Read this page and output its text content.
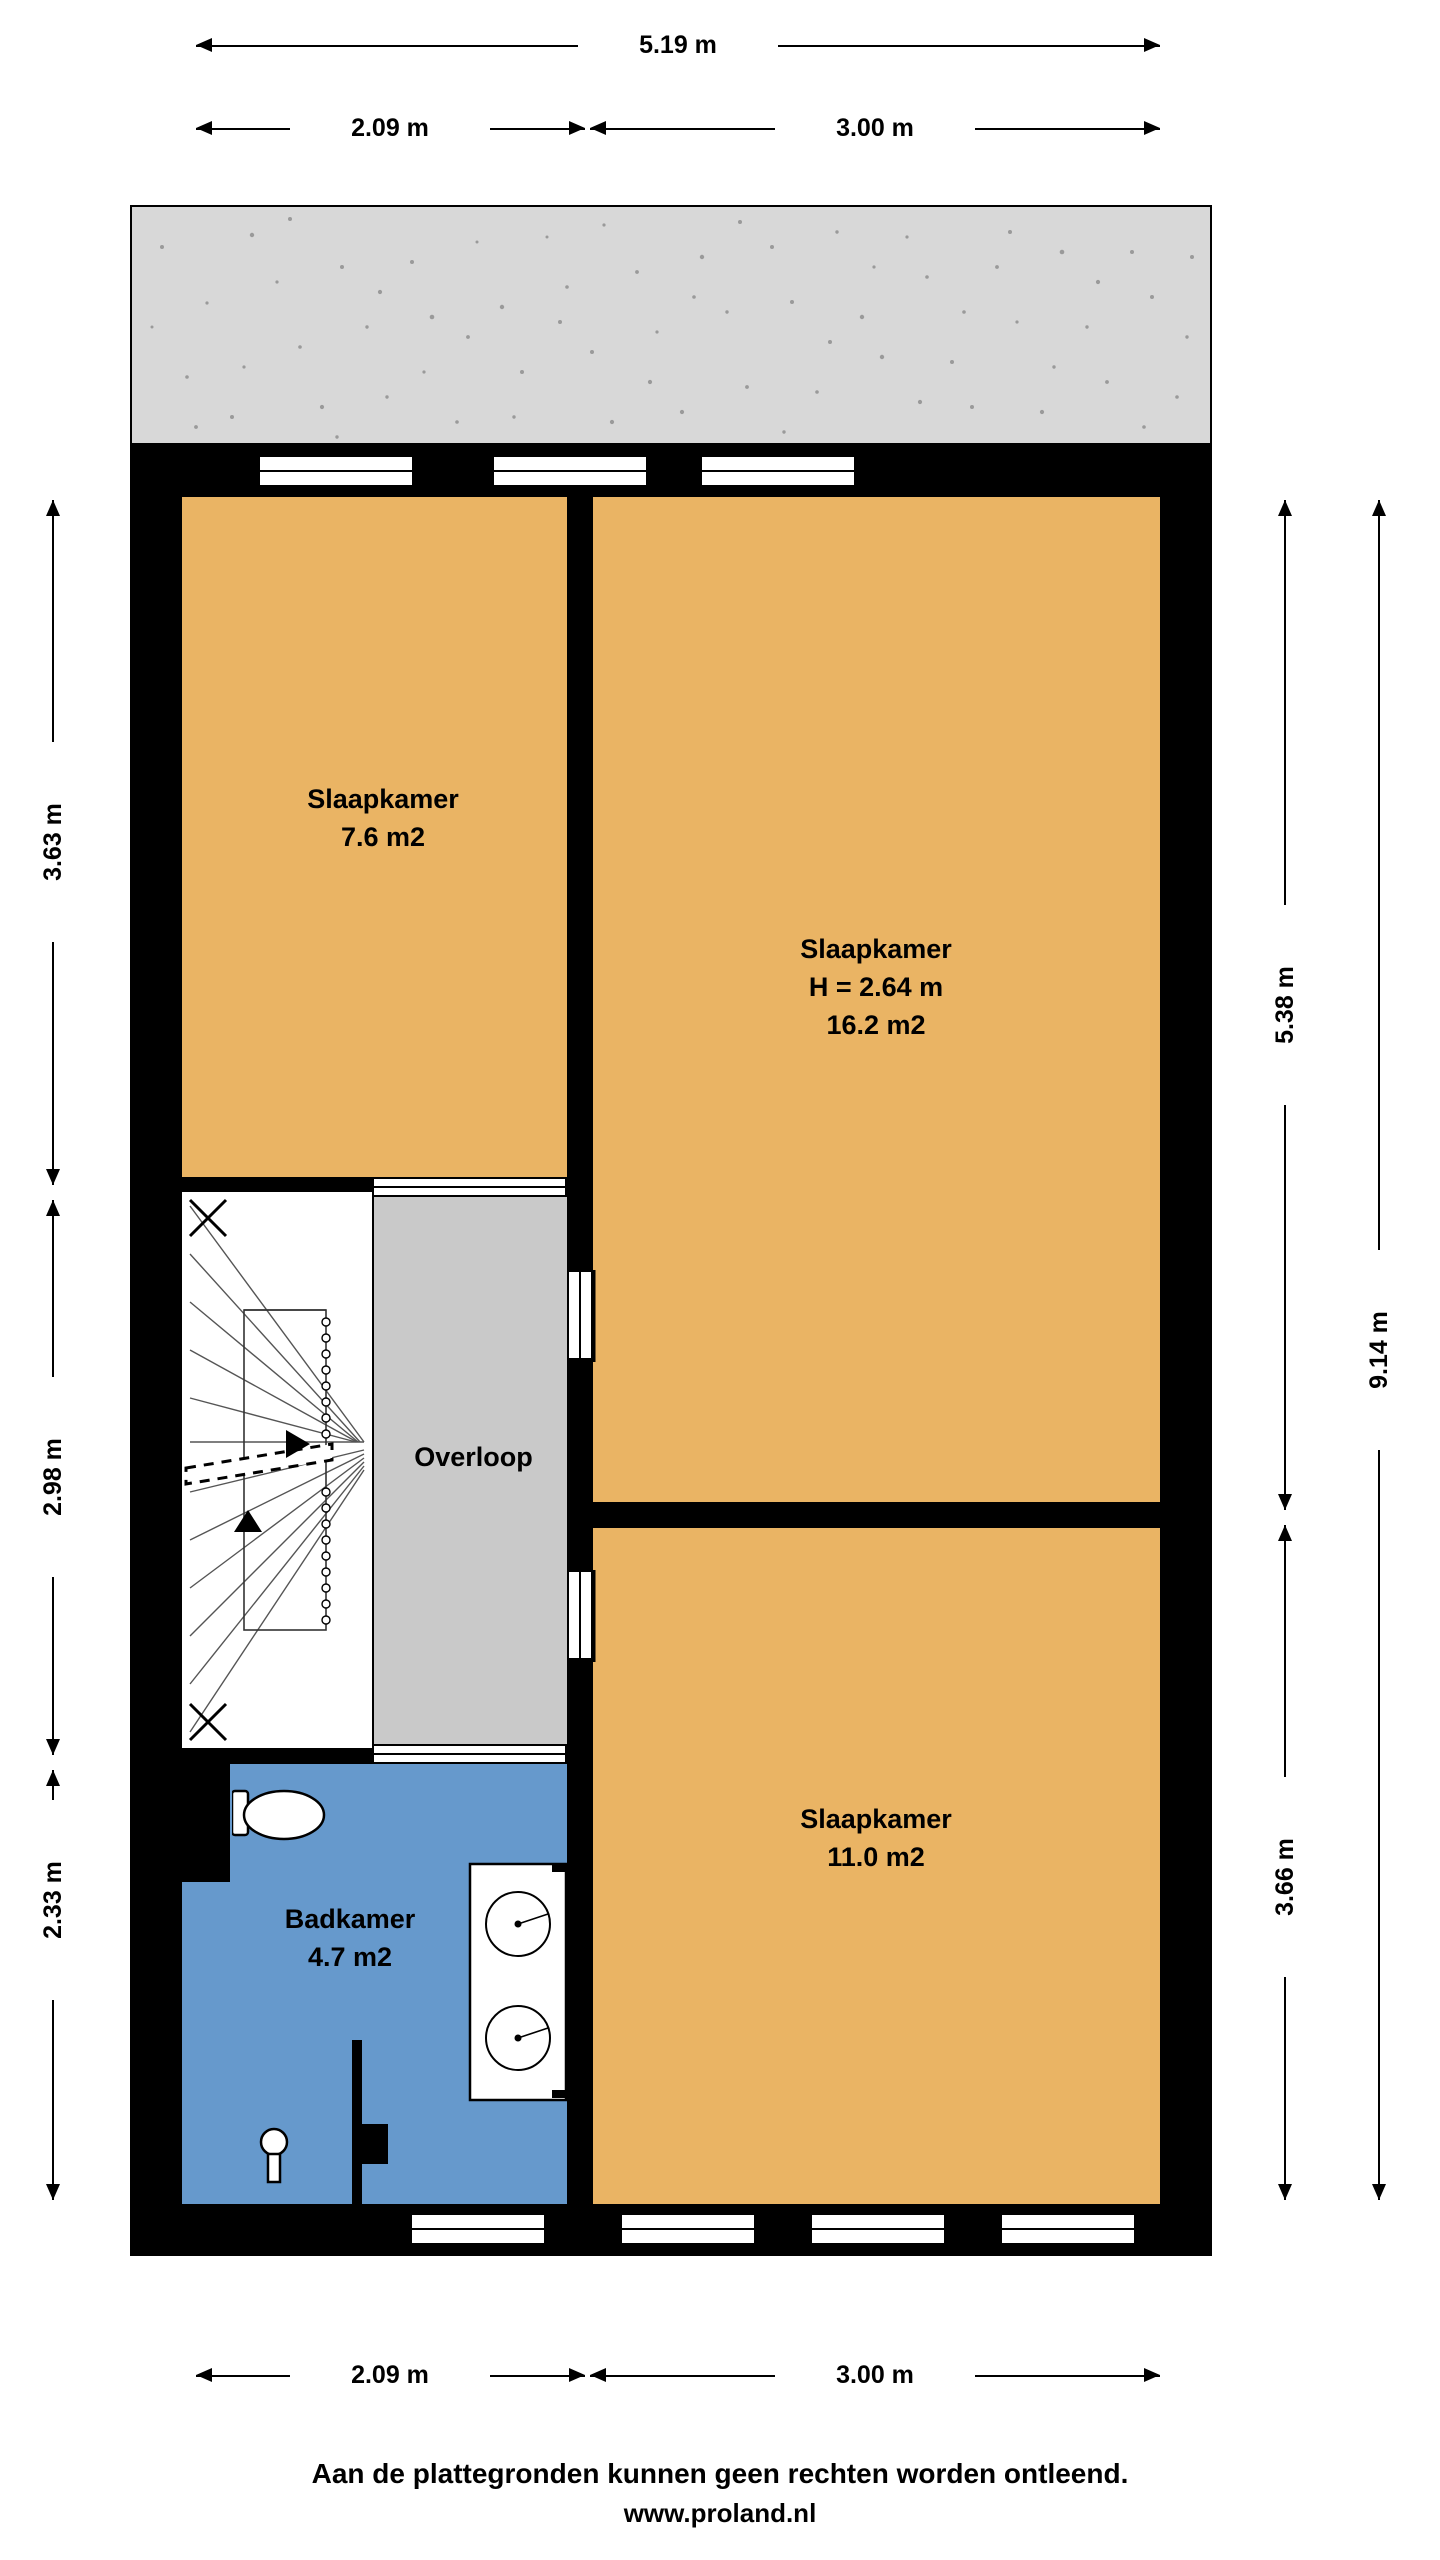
5.19 m
2.09 m	3.00 m
3.63 m
2.98 m
2.33 m
5.38 m
3.66 m
9.14 m
Slaapkamer
7.6 m2
Slaapkamer
H = 2.64 m
16.2 m2
Slaapkamer
11.0 m2
Overloop
Badkamer
4.7 m2
2.09 m	3.00 m
Aan de plattegronden kunnen geen rechten worden ontleend.
www.proland.nl
